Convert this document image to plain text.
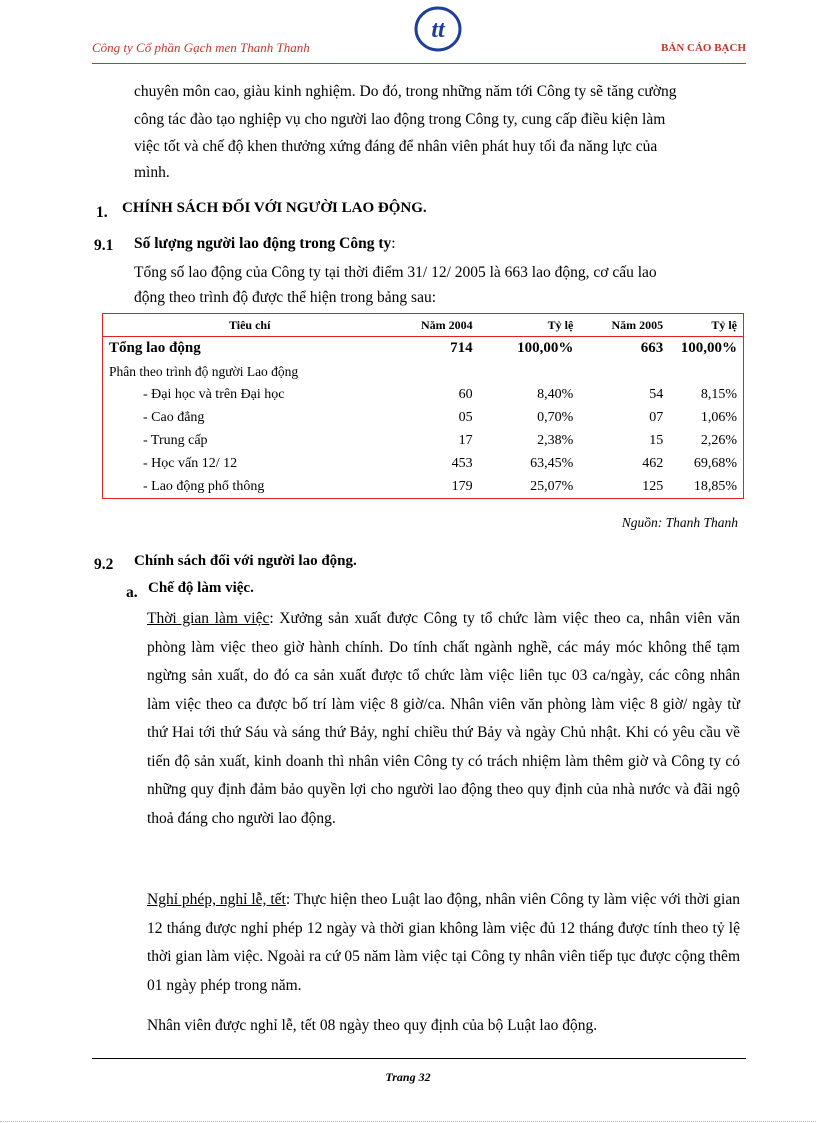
Công ty Cổ phần Gạch men Thanh Thanh
tt
BẢN CÁO BẠCH
chuyên môn cao, giàu kinh nghiệm. Do đó, trong những năm tới Công ty sẽ tăng cường
công tác đào tạo nghiệp vụ cho người lao động trong Công ty, cung cấp điều kiện làm
việc tốt và chế độ khen thưởng xứng đáng để nhân viên phát huy tối đa năng lực của
mình.
1. CHÍNH SÁCH ĐỐI VỚI NGƯỜI LAO ĐỘNG.
9.1 Số lượng người lao động trong Công ty:
Tổng số lao động của Công ty tại thời điểm 31/ 12/ 2005 là 663 lao động, cơ cấu lao
động theo trình độ được thể hiện trong bảng sau:
Tiêu chí	Năm 2004	Tỷ lệ	Năm 2005	Tỷ lệ
Tổng lao động	714	100,00%	663	100,00%
Phân theo trình độ người Lao động				
- Đại học và trên Đại học	60	8,40%	54	8,15%
- Cao đẳng	05	0,70%	07	1,06%
- Trung cấp	17	2,38%	15	2,26%
- Học vấn 12/ 12	453	63,45%	462	69,68%
- Lao động phổ thông	179	25,07%	125	18,85%
Nguồn: Thanh Thanh
9.2 Chính sách đối với người lao động.
a. Chế độ làm việc.
Thời gian làm việc: Xưởng sản xuất được Công ty tổ chức làm việc theo ca, nhân viên văn phòng làm việc theo giờ hành chính. Do tính chất ngành nghề, các máy móc không thể tạm ngừng sản xuất, do đó ca sản xuất được tổ chức làm việc liên tục 03 ca/ngày, các công nhân làm việc theo ca được bố trí làm việc 8 giờ/ca. Nhân viên văn phòng làm việc 8 giờ/ ngày từ thứ Hai tới thứ Sáu và sáng thứ Bảy, nghỉ chiều thứ Bảy và ngày Chủ nhật. Khi có yêu cầu về tiến độ sản xuất, kinh doanh thì nhân viên Công ty có trách nhiệm làm thêm giờ và Công ty có những quy định đảm bảo quyền lợi cho người lao động theo quy định của nhà nước và đãi ngộ thoả đáng cho người lao động.
Nghỉ phép, nghỉ lễ, tết: Thực hiện theo Luật lao động, nhân viên Công ty làm việc với thời gian 12 tháng được nghỉ phép 12 ngày và thời gian không làm việc đủ 12 tháng được tính theo tỷ lệ thời gian làm việc. Ngoài ra cứ 05 năm làm việc tại Công ty nhân viên tiếp tục được cộng thêm 01 ngày phép trong năm.
Nhân viên được nghỉ lễ, tết 08 ngày theo quy định của bộ Luật lao động.
Trang 32
